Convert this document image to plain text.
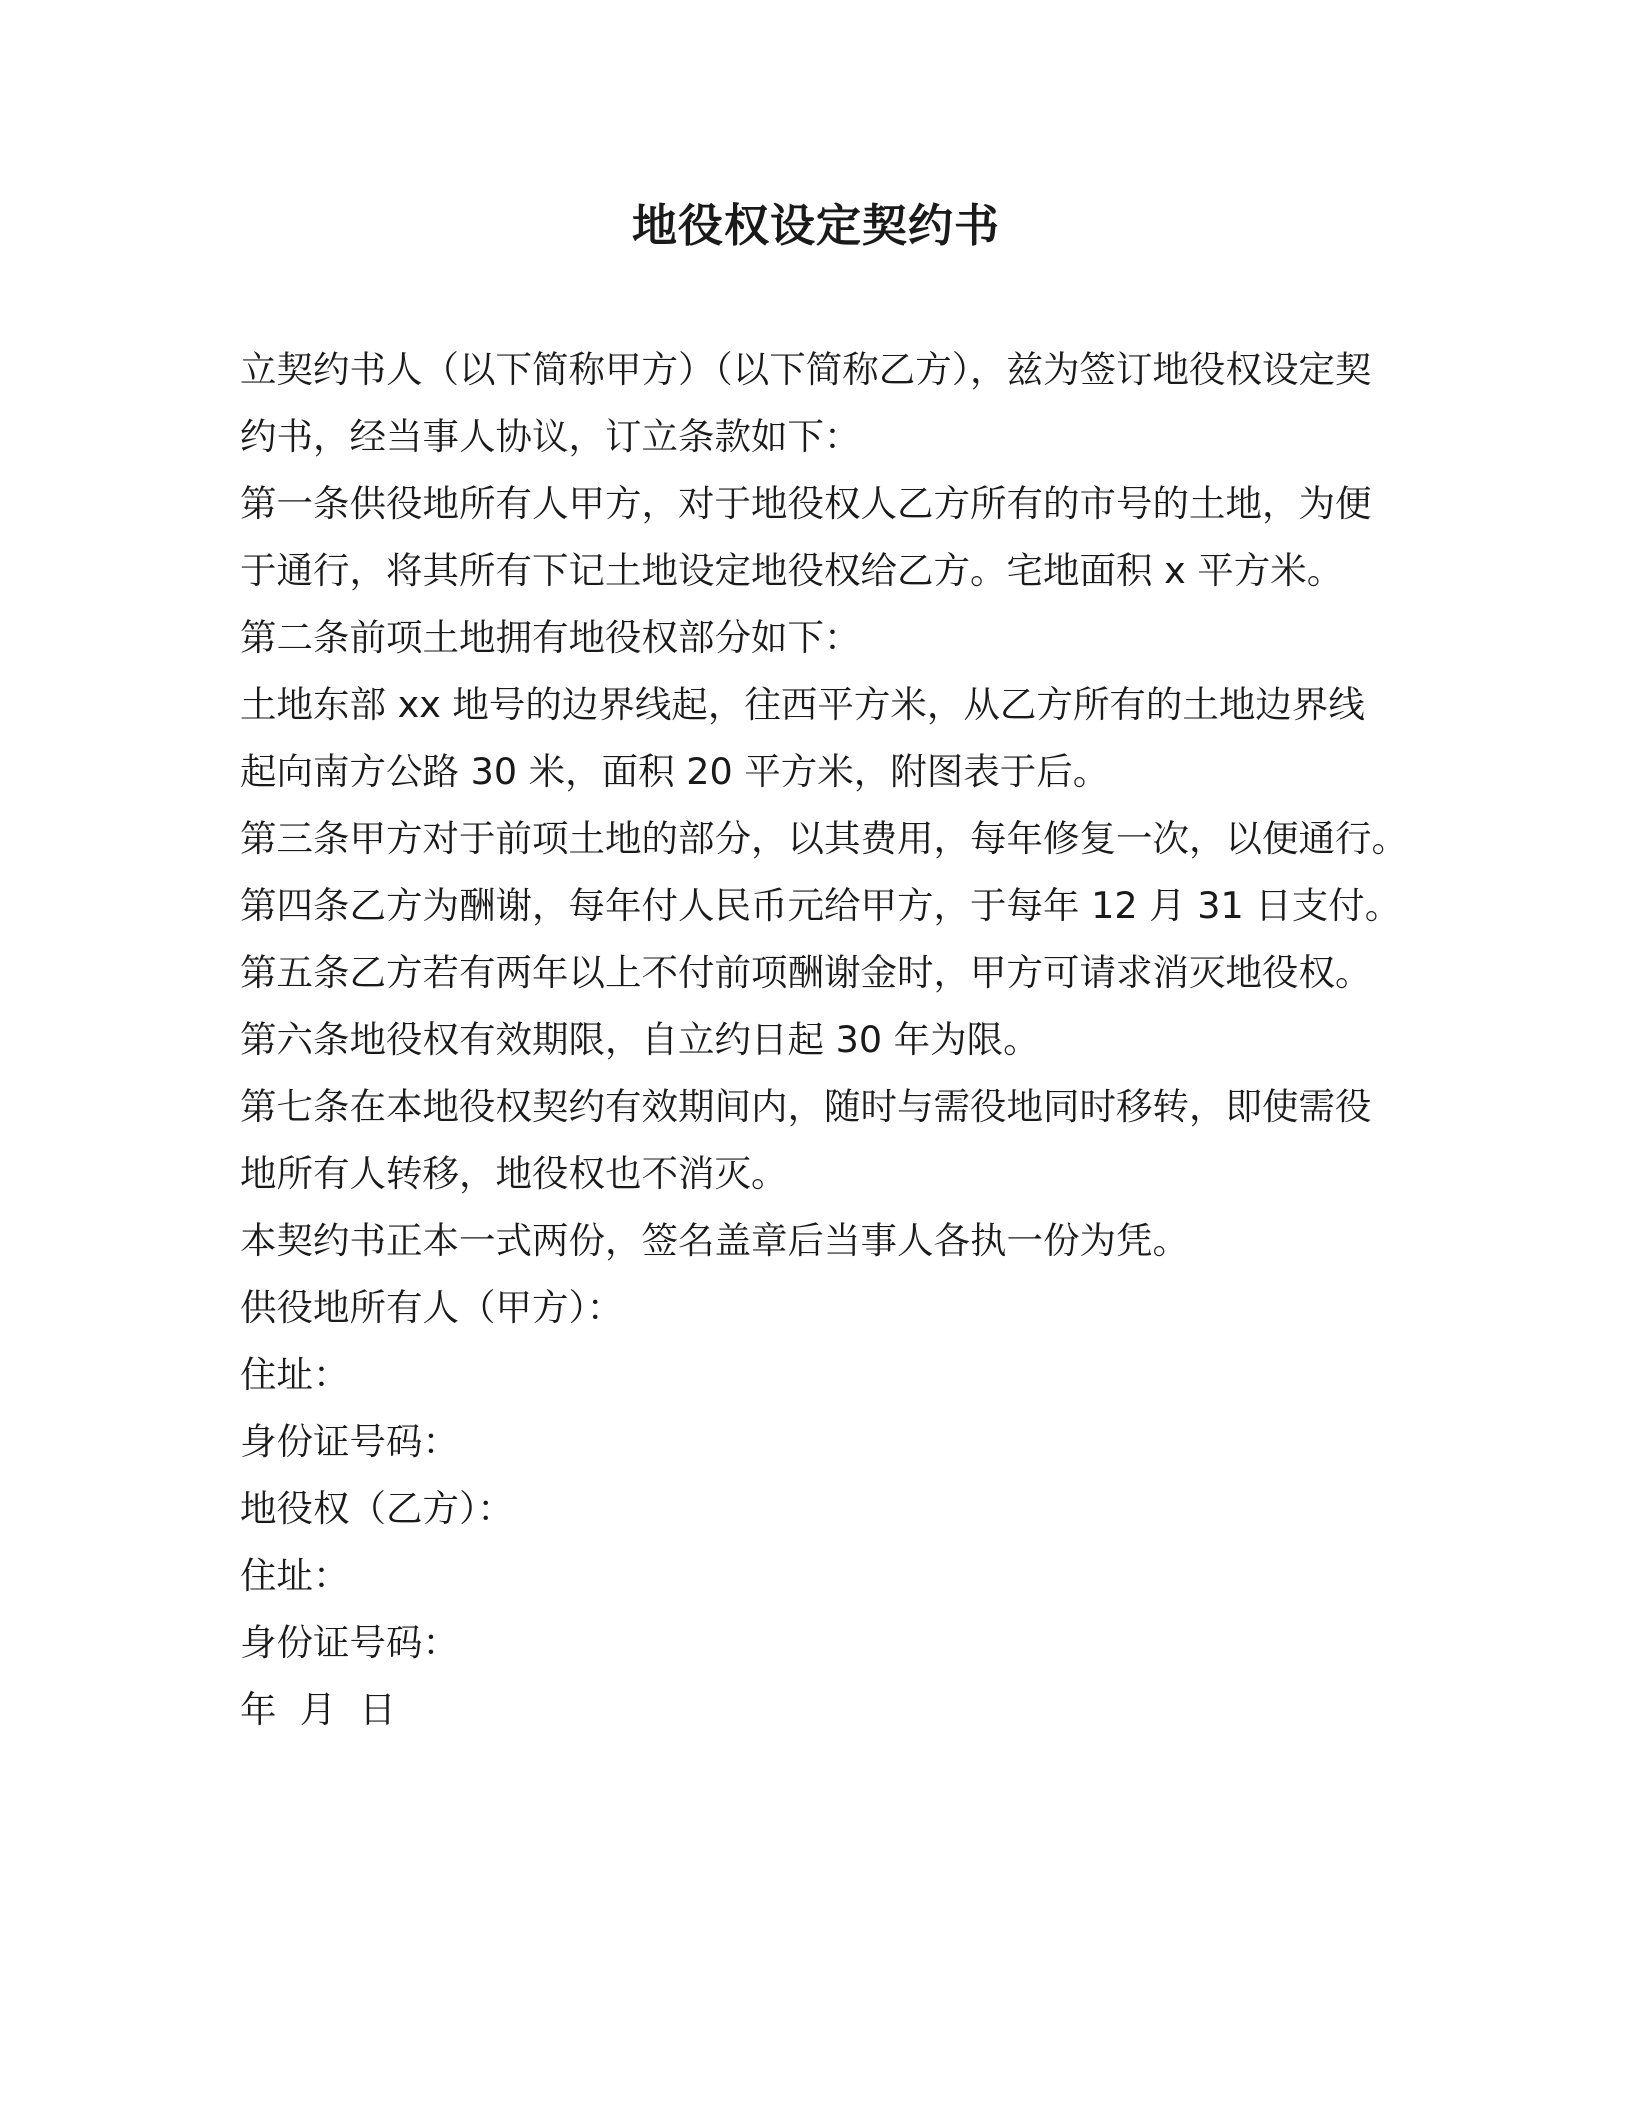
地役权设定契约书
立契约书人（以下简称甲方）（以下简称乙方），兹为签订地役权设定契
约书，经当事人协议，订立条款如下：
第一条供役地所有人甲方，对于地役权人乙方所有的市号的土地，为便
于通行，将其所有下记土地设定地役权给乙方。宅地面积 x 平方米。
第二条前项土地拥有地役权部分如下：
土地东部 xx 地号的边界线起，往西平方米，从乙方所有的土地边界线
起向南方公路 30 米，面积 20 平方米，附图表于后。
第三条甲方对于前项土地的部分，以其费用，每年修复一次，以便通行。
第四条乙方为酬谢，每年付人民币元给甲方，于每年 12 月 31 日支付。
第五条乙方若有两年以上不付前项酬谢金时，甲方可请求消灭地役权。
第六条地役权有效期限，自立约日起 30 年为限。
第七条在本地役权契约有效期间内，随时与需役地同时移转，即使需役
地所有人转移，地役权也不消灭。
本契约书正本一式两份，签名盖章后当事人各执一份为凭。
供役地所有人（甲方）：
住址：
身份证号码：
地役权（乙方）：
住址：
身份证号码：
年  月  日
